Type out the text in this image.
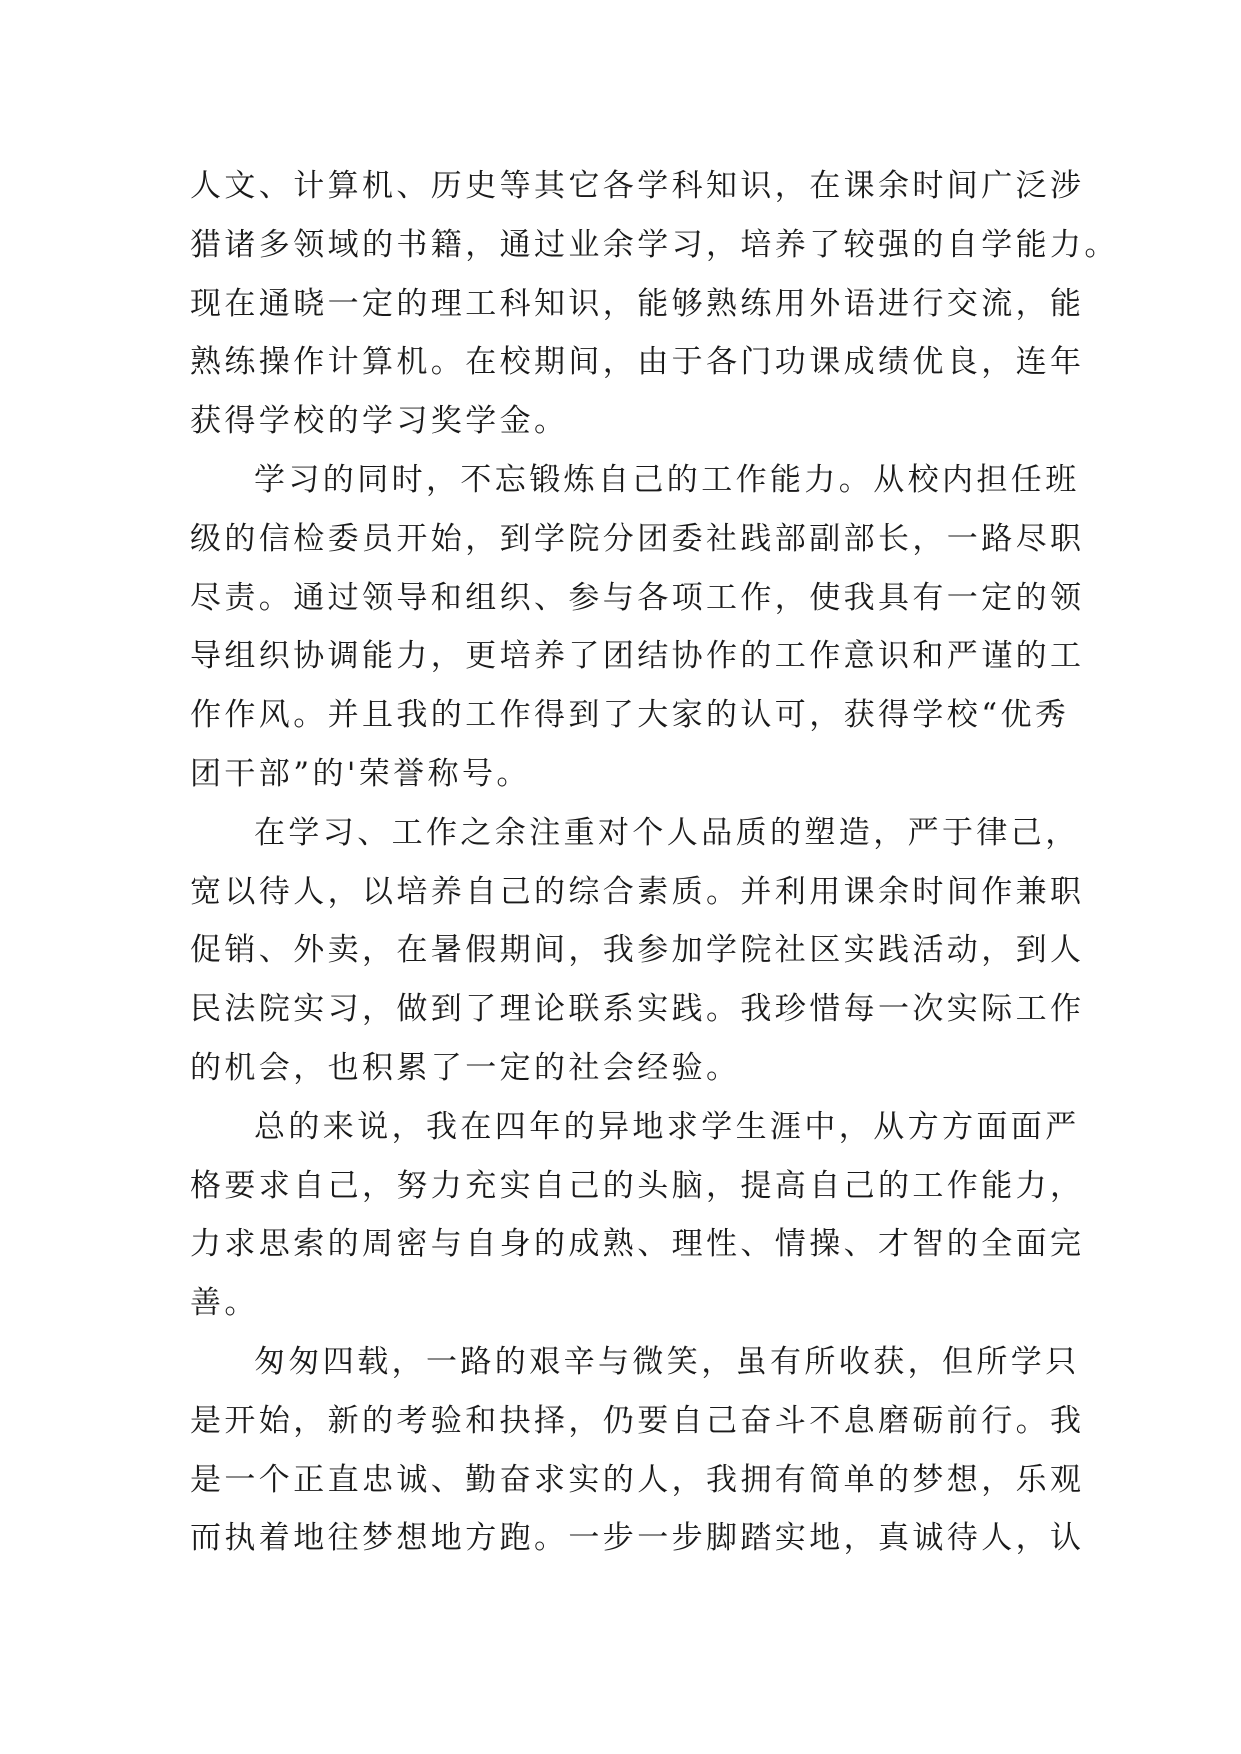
人文、计算机、历史等其它各学科知识，在课余时间广泛涉
猎诸多领域的书籍，通过业余学习，培养了较强的自学能力。
现在通晓一定的理工科知识，能够熟练用外语进行交流，能
熟练操作计算机。在校期间，由于各门功课成绩优良，连年
获得学校的学习奖学金。
学习的同时，不忘锻炼自己的工作能力。从校内担任班
级的信检委员开始，到学院分团委社践部副部长，一路尽职
尽责。通过领导和组织、参与各项工作，使我具有一定的领
导组织协调能力，更培养了团结协作的工作意识和严谨的工
作作风。并且我的工作得到了大家的认可，获得学校“优秀
团干部”的'荣誉称号。
在学习、工作之余注重对个人品质的塑造，严于律己，
宽以待人，以培养自己的综合素质。并利用课余时间作兼职
促销、外卖，在暑假期间，我参加学院社区实践活动，到人
民法院实习，做到了理论联系实践。我珍惜每一次实际工作
的机会，也积累了一定的社会经验。
总的来说，我在四年的异地求学生涯中，从方方面面严
格要求自己，努力充实自己的头脑，提高自己的工作能力，
力求思索的周密与自身的成熟、理性、情操、才智的全面完
善。
匆匆四载，一路的艰辛与微笑，虽有所收获，但所学只
是开始，新的考验和抉择，仍要自己奋斗不息磨砺前行。我
是一个正直忠诚、勤奋求实的人，我拥有简单的梦想，乐观
而执着地往梦想地方跑。一步一步脚踏实地，真诚待人，认
